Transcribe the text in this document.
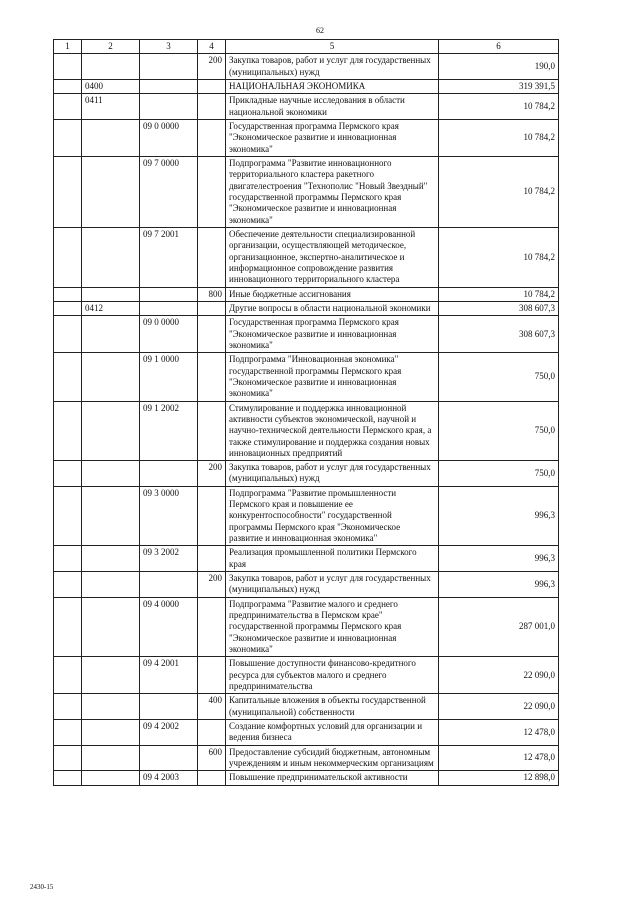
62
1	2	3	4	5	6
			200	Закупка товаров, работ и услуг для государственных (муниципальных) нужд	190,0
	0400			НАЦИОНАЛЬНАЯ ЭКОНОМИКА	319 391,5
	0411			Прикладные научные исследования в области национальной экономики	10 784,2
		09 0 0000		Государственная программа Пермского края "Экономическое развитие и инновационная экономика"	10 784,2
		09 7 0000		Подпрограмма "Развитие инновационного территориального кластера ракетного двигателестроения "Технополис "Новый Звездный" государственной программы Пермского края "Экономическое развитие и инновационная экономика"	10 784,2
		09 7 2001		Обеспечение деятельности специализированной организации, осуществляющей методическое, организационное, экспертно-аналитическое и информационное сопровождение развития инновационного территориального кластера	10 784,2
			800	Иные бюджетные ассигнования	10 784,2
	0412			Другие вопросы в области национальной экономики	308 607,3
		09 0 0000		Государственная программа Пермского края "Экономическое развитие и инновационная экономика"	308 607,3
		09 1 0000		Подпрограмма "Инновационная экономика" государственной программы Пермского края "Экономическое развитие и инновационная экономика"	750,0
		09 1 2002		Стимулирование и поддержка инновационной активности субъектов экономической, научной и научно-технической деятельности Пермского края, а также стимулирование и поддержка создания новых инновационных предприятий	750,0
			200	Закупка товаров, работ и услуг для государственных (муниципальных) нужд	750,0
		09 3 0000		Подпрограмма "Развитие промышленности Пермского края и повышение ее конкурентоспособности" государственной программы Пермского края "Экономическое развитие и инновационная экономика"	996,3
		09 3 2002		Реализация промышленной политики Пермского края	996,3
			200	Закупка товаров, работ и услуг для государственных (муниципальных) нужд	996,3
		09 4 0000		Подпрограмма "Развитие малого и среднего предпринимательства в Пермском крае" государственной программы Пермского края "Экономическое развитие и инновационная экономика"	287 001,0
		09 4 2001		Повышение доступности финансово-кредитного ресурса для субъектов малого и среднего предпринимательства	22 090,0
			400	Капитальные вложения в объекты государственной (муниципальной) собственности	22 090,0
		09 4 2002		Создание комфортных условий для организации и ведения бизнеса	12 478,0
			600	Предоставление субсидий бюджетным, автономным учреждениям и иным некоммерческим организациям	12 478,0
		09 4 2003		Повышение предпринимательской активности	12 898,0
2430-15
